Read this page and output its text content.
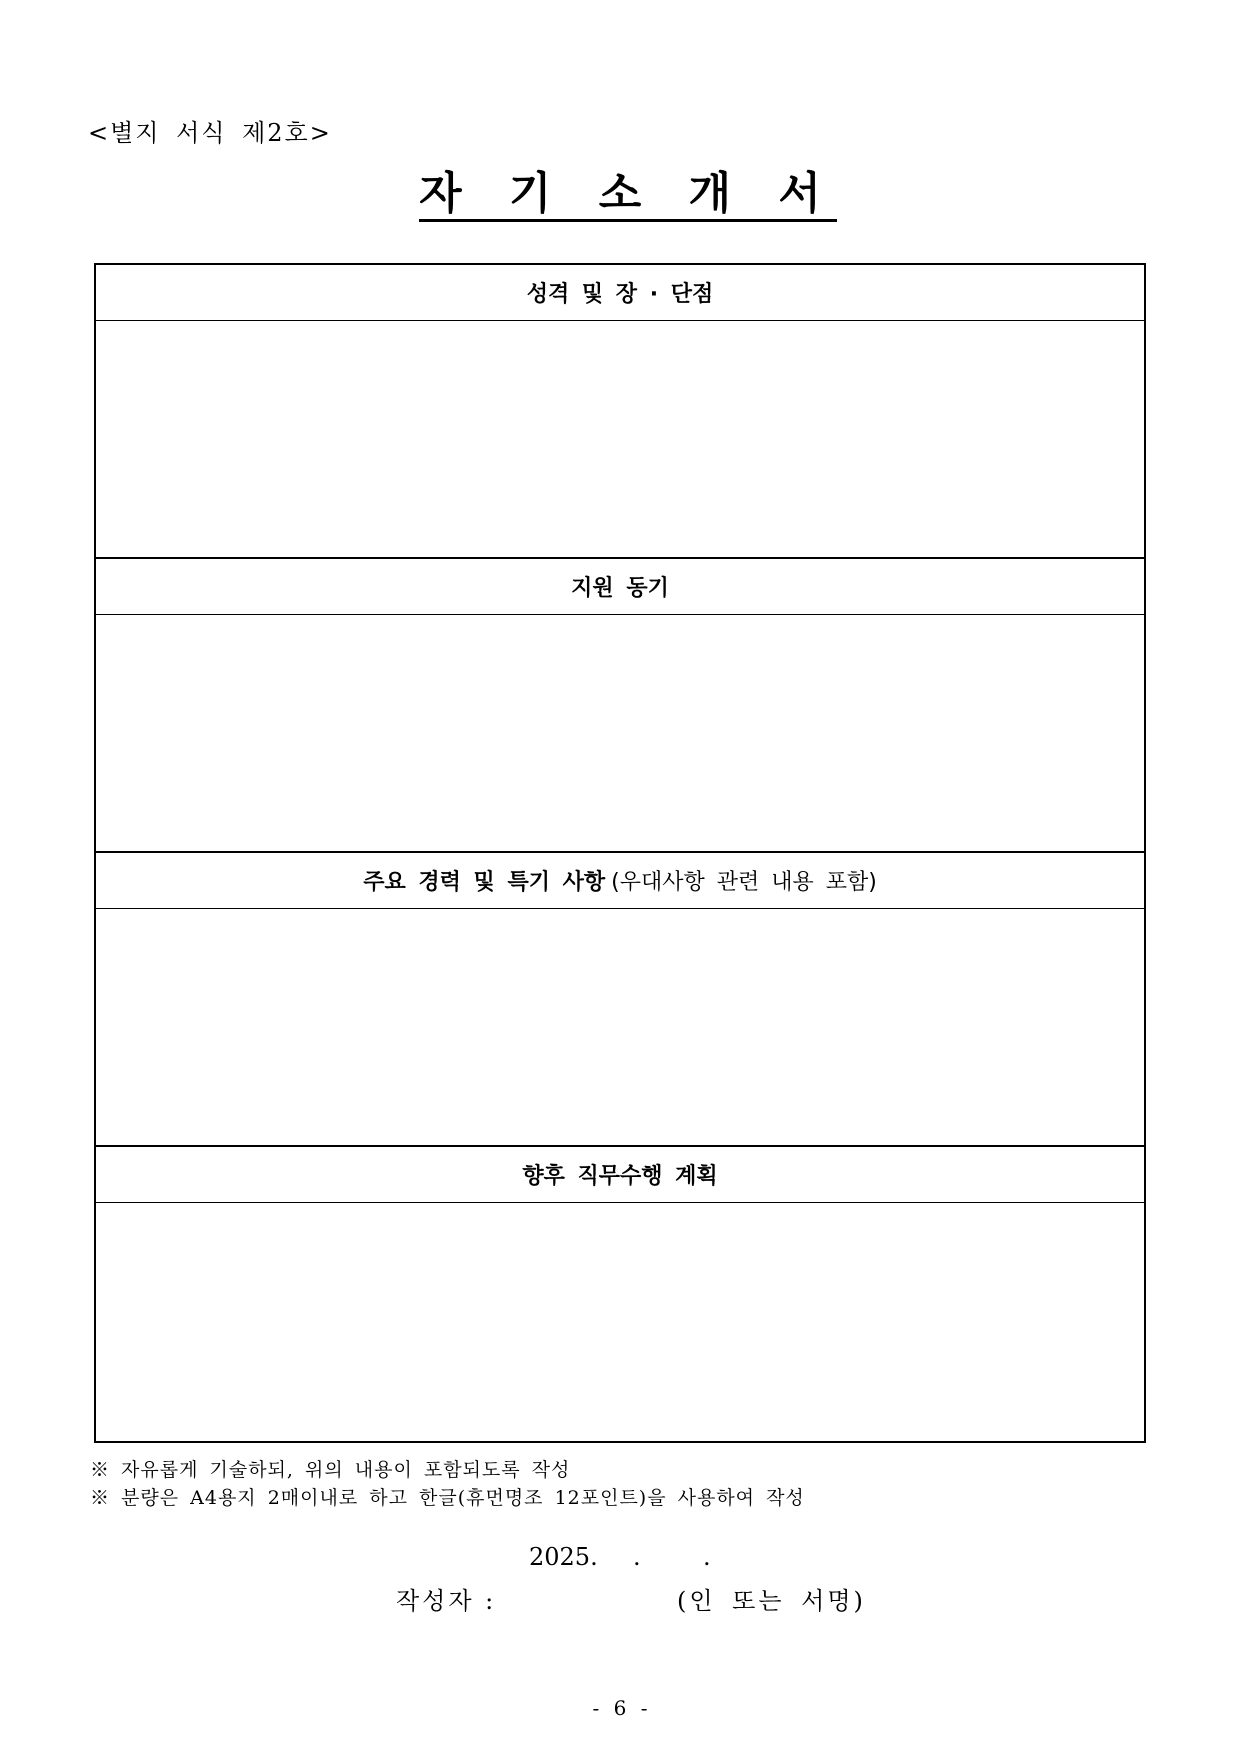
<별지 서식 제2호>
자 기 소 개 서
성격 및 장 · 단점
지원 동기
주요 경력 및 특기 사항 (우대사항 관련 내용 포함)
향후 직무수행 계획
※ 자유롭게 기술하되, 위의 내용이 포함되도록 작성
※ 분량은 A4용지 2매이내로 하고 한글(휴먼명조 12포인트)을 사용하여 작성
2025. .	.
작성자 :	(인 또는 서명)
- 6 -
